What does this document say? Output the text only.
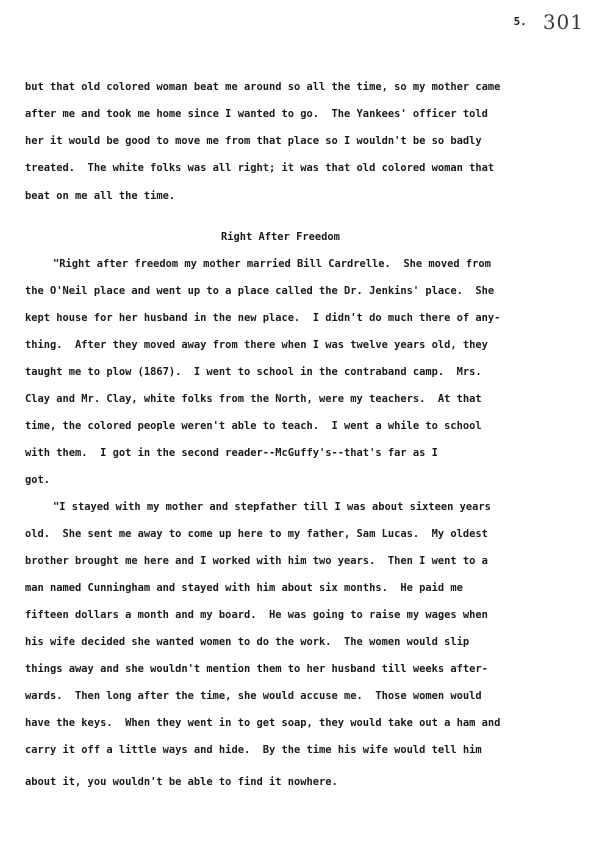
5. 301
but that old colored woman beat me around so all the time, so my mother came
after me and took me home since I wanted to go.  The Yankees' officer told
her it would be good to move me from that place so I wouldn't be so badly
treated.  The white folks was all right; it was that old colored woman that
beat on me all the time.
Right After Freedom
"Right after freedom my mother married Bill Cardrelle.  She moved from
the O'Neil place and went up to a place called the Dr. Jenkins' place.  She
kept house for her husband in the new place.  I didn't do much there of any-
thing.  After they moved away from there when I was twelve years old, they
taught me to plow (1867).  I went to school in the contraband camp.  Mrs.
Clay and Mr. Clay, white folks from the North, were my teachers.  At that
time, the colored people weren't able to teach.  I went a while to school
with them.  I got in the second reader--McGuffy's--that's far as I
got.
"I stayed with my mother and stepfather till I was about sixteen years
old.  She sent me away to come up here to my father, Sam Lucas.  My oldest
brother brought me here and I worked with him two years.  Then I went to a
man named Cunningham and stayed with him about six months.  He paid me
fifteen dollars a month and my board.  He was going to raise my wages when
his wife decided she wanted women to do the work.  The women would slip
things away and she wouldn't mention them to her husband till weeks after-
wards.  Then long after the time, she would accuse me.  Those women would
have the keys.  When they went in to get soap, they would take out a ham and
carry it off a little ways and hide.  By the time his wife would tell him
about it, you wouldn't be able to find it nowhere.
